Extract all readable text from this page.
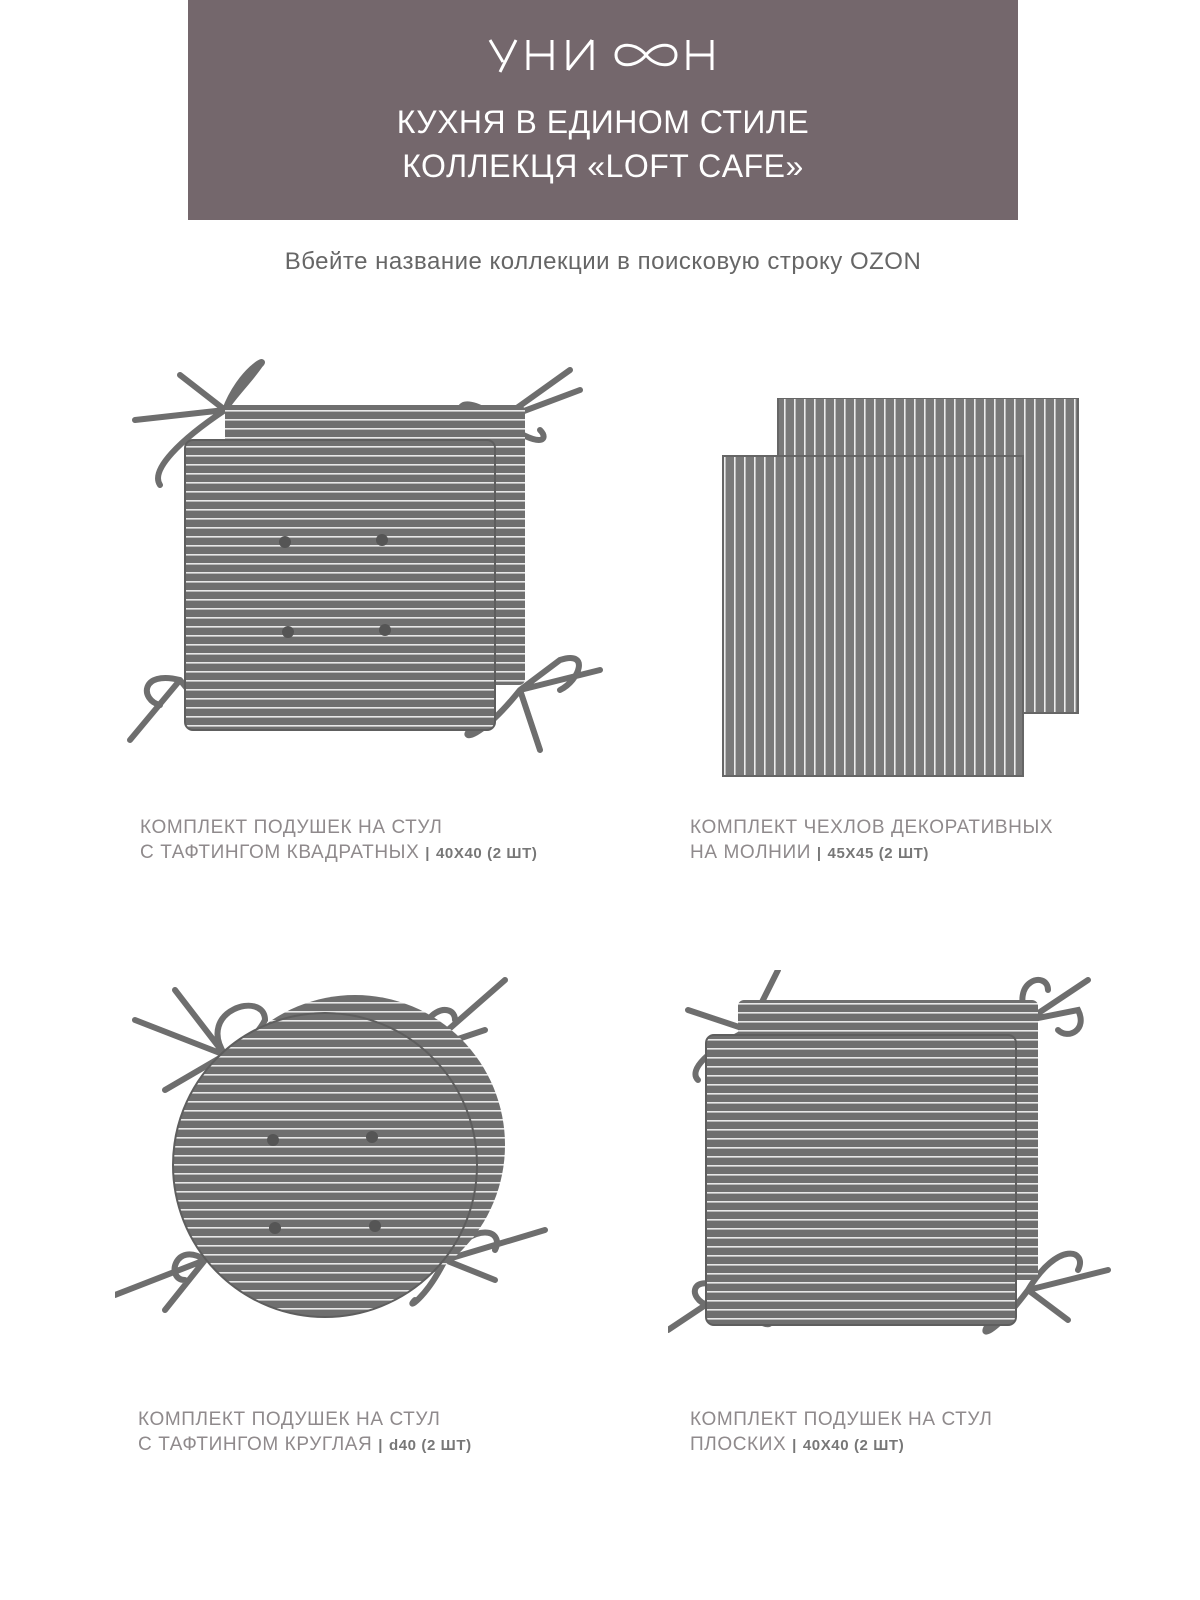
КУХНЯ В ЕДИНОМ СТИЛЕ
КОЛЛЕКЦЯ «LOFT CAFE»
Вбейте название коллекции в поисковую строку OZON
КОМПЛЕКТ ПОДУШЕК НА СТУЛ
С ТАФТИНГОМ КВАДРАТНЫХ | 40X40 (2 ШТ)
КОМПЛЕКТ ЧЕХЛОВ ДЕКОРАТИВНЫХ
НА МОЛНИИ | 45X45 (2 ШТ)
КОМПЛЕКТ ПОДУШЕК НА СТУЛ
С ТАФТИНГОМ КРУГЛАЯ | d40 (2 ШТ)
КОМПЛЕКТ ПОДУШЕК НА СТУЛ
ПЛОСКИХ | 40X40 (2 ШТ)
